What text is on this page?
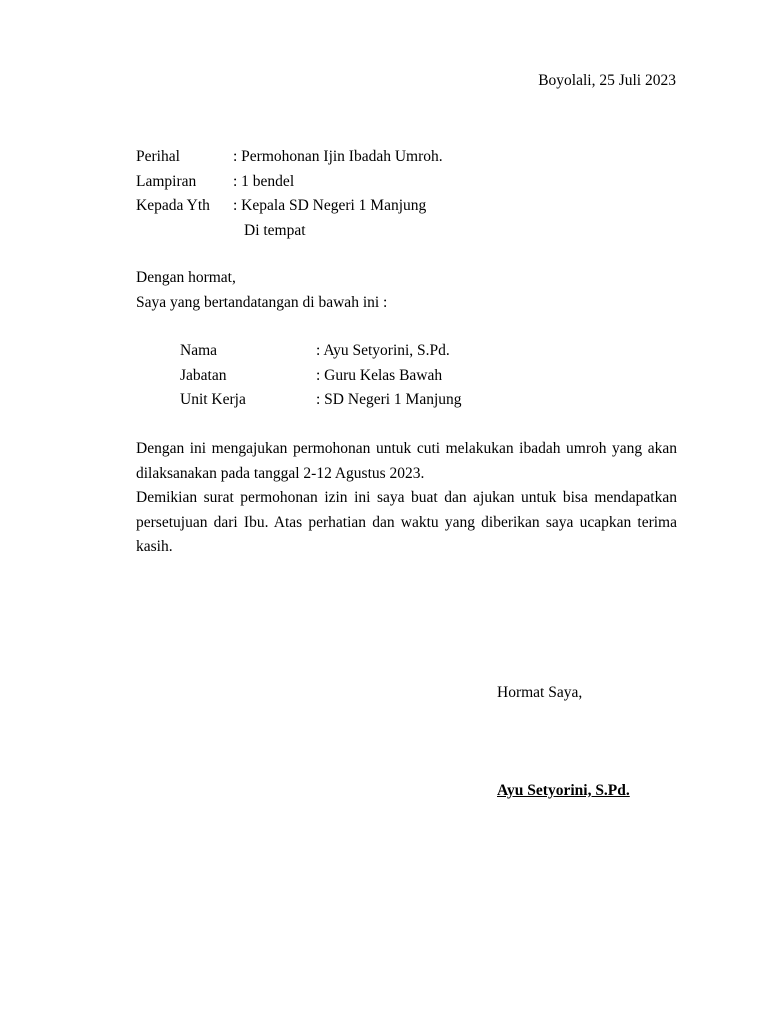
Boyolali, 25 Juli 2023
Perihal	: Permohonan Ijin Ibadah Umroh.
Lampiran	: 1 bendel
Kepada Yth	: Kepala SD Negeri 1 Manjung
Di tempat
Dengan hormat,
Saya yang bertandatangan di bawah ini :
Nama	: Ayu Setyorini, S.Pd.
Jabatan	: Guru Kelas Bawah
Unit Kerja	: SD Negeri 1 Manjung

Dengan ini mengajukan permohonan untuk cuti melakukan ibadah umroh yang akan dilaksanakan pada tanggal 2-12 Agustus 2023.

Demikian surat permohonan izin ini saya buat dan ajukan untuk bisa mendapatkan persetujuan dari Ibu. Atas perhatian dan waktu yang diberikan saya ucapkan terima kasih.

Hormat Saya,
Ayu Setyorini, S.Pd.
